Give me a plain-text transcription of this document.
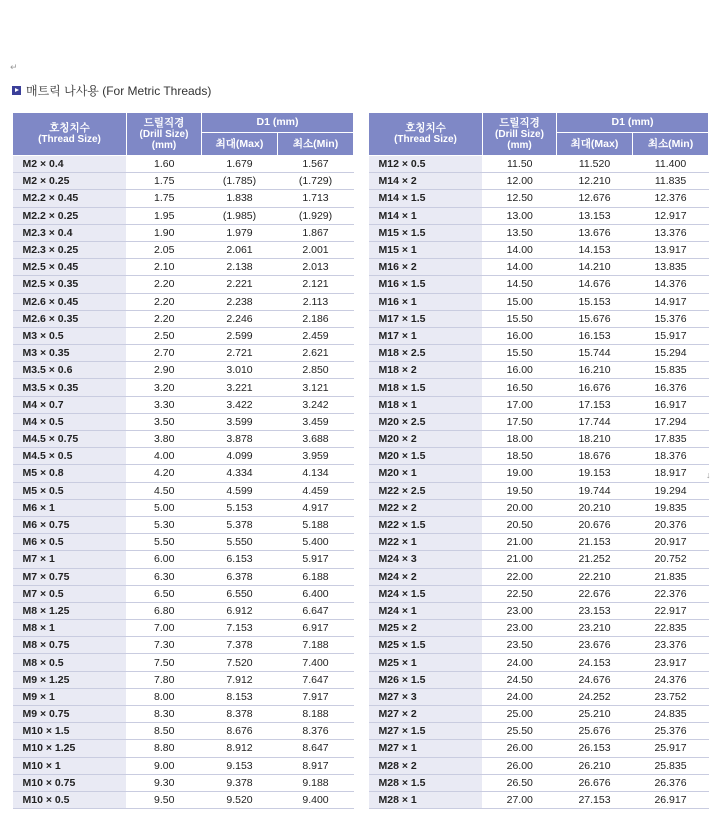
↵
↓
매트릭 나사용 (For Metric Threads)
호칭치수
(Thread Size)	드릴직경
(Drill Size)
(mm)	D1 (mm)	
		최대(Max)	최소(Min)
M2 × 0.4	1.60	1.679	1.567
M2 × 0.25	1.75	(1.785)	(1.729)
M2.2 × 0.45	1.75	1.838	1.713
M2.2 × 0.25	1.95	(1.985)	(1.929)
M2.3 × 0.4	1.90	1.979	1.867
M2.3 × 0.25	2.05	2.061	2.001
M2.5 × 0.45	2.10	2.138	2.013
M2.5 × 0.35	2.20	2.221	2.121
M2.6 × 0.45	2.20	2.238	2.113
M2.6 × 0.35	2.20	2.246	2.186
M3 × 0.5	2.50	2.599	2.459
M3 × 0.35	2.70	2.721	2.621
M3.5 × 0.6	2.90	3.010	2.850
M3.5 × 0.35	3.20	3.221	3.121
M4 × 0.7	3.30	3.422	3.242
M4 × 0.5	3.50	3.599	3.459
M4.5 × 0.75	3.80	3.878	3.688
M4.5 × 0.5	4.00	4.099	3.959
M5 × 0.8	4.20	4.334	4.134
M5 × 0.5	4.50	4.599	4.459
M6 × 1	5.00	5.153	4.917
M6 × 0.75	5.30	5.378	5.188
M6 × 0.5	5.50	5.550	5.400
M7 × 1	6.00	6.153	5.917
M7 × 0.75	6.30	6.378	6.188
M7 × 0.5	6.50	6.550	6.400
M8 × 1.25	6.80	6.912	6.647
M8 × 1	7.00	7.153	6.917
M8 × 0.75	7.30	7.378	7.188
M8 × 0.5	7.50	7.520	7.400
M9 × 1.25	7.80	7.912	7.647
M9 × 1	8.00	8.153	7.917
M9 × 0.75	8.30	8.378	8.188
M10 × 1.5	8.50	8.676	8.376
M10 × 1.25	8.80	8.912	8.647
M10 × 1	9.00	9.153	8.917
M10 × 0.75	9.30	9.378	9.188
M10 × 0.5	9.50	9.520	9.400
호칭치수
(Thread Size)	드릴직경
(Drill Size)
(mm)	D1 (mm)	
		최대(Max)	최소(Min)
M12 × 0.5	11.50	11.520	11.400
M14 × 2	12.00	12.210	11.835
M14 × 1.5	12.50	12.676	12.376
M14 × 1	13.00	13.153	12.917
M15 × 1.5	13.50	13.676	13.376
M15 × 1	14.00	14.153	13.917
M16 × 2	14.00	14.210	13.835
M16 × 1.5	14.50	14.676	14.376
M16 × 1	15.00	15.153	14.917
M17 × 1.5	15.50	15.676	15.376
M17 × 1	16.00	16.153	15.917
M18 × 2.5	15.50	15.744	15.294
M18 × 2	16.00	16.210	15.835
M18 × 1.5	16.50	16.676	16.376
M18 × 1	17.00	17.153	16.917
M20 × 2.5	17.50	17.744	17.294
M20 × 2	18.00	18.210	17.835
M20 × 1.5	18.50	18.676	18.376
M20 × 1	19.00	19.153	18.917
M22 × 2.5	19.50	19.744	19.294
M22 × 2	20.00	20.210	19.835
M22 × 1.5	20.50	20.676	20.376
M22 × 1	21.00	21.153	20.917
M24 × 3	21.00	21.252	20.752
M24 × 2	22.00	22.210	21.835
M24 × 1.5	22.50	22.676	22.376
M24 × 1	23.00	23.153	22.917
M25 × 2	23.00	23.210	22.835
M25 × 1.5	23.50	23.676	23.376
M25 × 1	24.00	24.153	23.917
M26 × 1.5	24.50	24.676	24.376
M27 × 3	24.00	24.252	23.752
M27 × 2	25.00	25.210	24.835
M27 × 1.5	25.50	25.676	25.376
M27 × 1	26.00	26.153	25.917
M28 × 2	26.00	26.210	25.835
M28 × 1.5	26.50	26.676	26.376
M28 × 1	27.00	27.153	26.917
